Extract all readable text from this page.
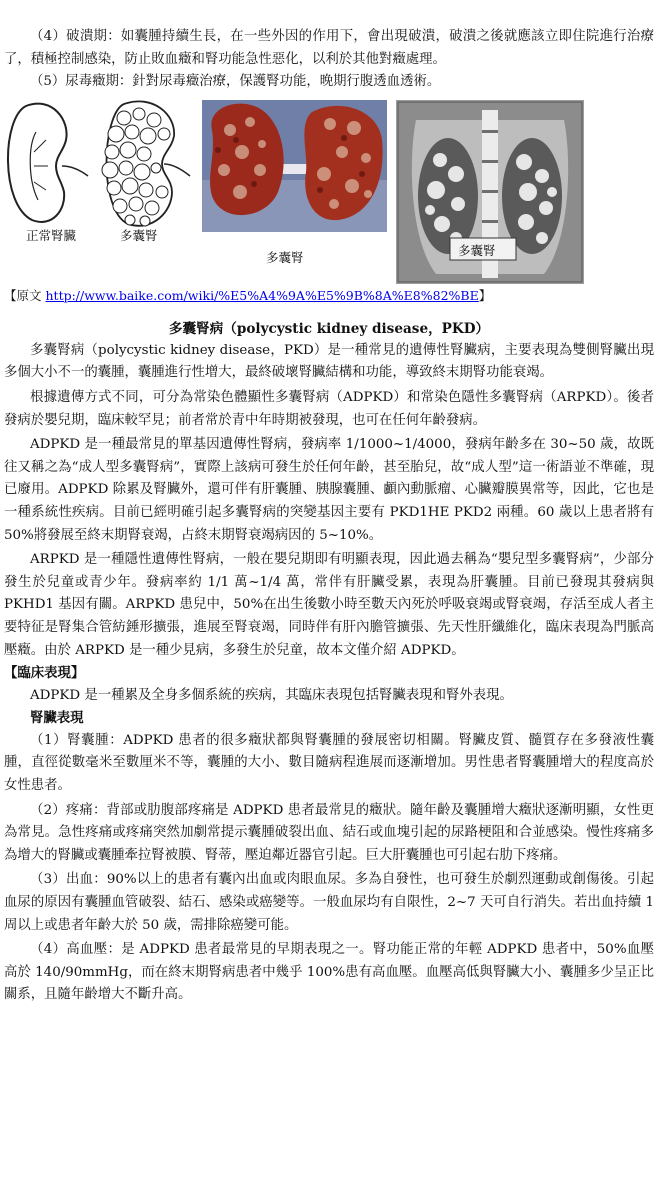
（4）破潰期：如囊腫持續生長，在一些外因的作用下，會出現破潰，破潰之後就應該立即住院進行治療了，積極控制感染，防止敗血癥和腎功能急性惡化，以利於其他對癥處理。

（5）尿毒癥期：針對尿毒癥治療，保護腎功能，晚期行腹透血透術。

正常腎臟	多囊腎
多囊腎	多囊腎

【原文 http://www.baike.com/wiki/%E5%A4%9A%E5%9B%8A%E8%82%BE】

多囊腎病（polycystic kidney disease，PKD）

多囊腎病（polycystic kidney disease，PKD）是一種常見的遺傳性腎臟病，主要表現為雙側腎臟出現多個大小不一的囊腫，囊腫進行性增大，最終破壞腎臟結構和功能，導致終末期腎功能衰竭。

根據遺傳方式不同，可分為常染色體顯性多囊腎病（ADPKD）和常染色隱性多囊腎病（ARPKD）。後者發病於嬰兒期，臨床較罕見；前者常於青中年時期被發現，也可在任何年齡發病。

ADPKD 是一種最常見的單基因遺傳性腎病，發病率 1/1000~1/4000，發病年齡多在 30~50 歲，故既往又稱之為“成人型多囊腎病”，實際上該病可發生於任何年齡，甚至胎兒，故“成人型”這一術語並不準確，現已廢用。ADPKD 除累及腎臟外，還可伴有肝囊腫、胰腺囊腫、顱內動脈瘤、心臟瓣膜異常等，因此，它也是一種系統性疾病。目前已經明確引起多囊腎病的突變基因主要有 PKD1HE PKD2 兩種。60 歲以上患者將有 50%將發展至終末期腎衰竭，占終末期腎衰竭病因的 5~10%。

ARPKD 是一種隱性遺傳性腎病，一般在嬰兒期即有明顯表現，因此過去稱為“嬰兒型多囊腎病”，少部分發生於兒童或青少年。發病率約 1/1 萬~1/4 萬，常伴有肝臟受累，表現為肝囊腫。目前已發現其發病與 PKHD1 基因有關。ARPKD 患兒中，50%在出生後數小時至數天內死於呼吸衰竭或腎衰竭，存活至成人者主要特征是腎集合管紡錘形擴張，進展至腎衰竭，同時伴有肝內膽管擴張、先天性肝纖維化，臨床表現為門脈高壓癥。由於 ARPKD 是一種少見病，多發生於兒童，故本文僅介紹 ADPKD。

【臨床表現】

ADPKD 是一種累及全身多個系統的疾病，其臨床表現包括腎臟表現和腎外表現。

腎臟表現

（1）腎囊腫：ADPKD 患者的很多癥狀都與腎囊腫的發展密切相關。腎臟皮質、髓質存在多發液性囊腫，直徑從數毫米至數厘米不等，囊腫的大小、數目隨病程進展而逐漸增加。男性患者腎囊腫增大的程度高於女性患者。

（2）疼痛：背部或肋腹部疼痛是 ADPKD 患者最常見的癥狀。隨年齡及囊腫增大癥狀逐漸明顯，女性更為常見。急性疼痛或疼痛突然加劇常提示囊腫破裂出血、結石或血塊引起的尿路梗阻和合並感染。慢性疼痛多為增大的腎臟或囊腫牽拉腎被膜、腎蒂，壓迫鄰近器官引起。巨大肝囊腫也可引起右肋下疼痛。

（3）出血：90%以上的患者有囊內出血或肉眼血尿。多為自發性，也可發生於劇烈運動或創傷後。引起血尿的原因有囊腫血管破裂、結石、感染或癌變等。一般血尿均有自限性，2~7 天可自行消失。若出血持續 1 周以上或患者年齡大於 50 歲，需排除癌變可能。

（4）高血壓：是 ADPKD 患者最常見的早期表現之一。腎功能正常的年輕 ADPKD 患者中，50%血壓高於 140/90mmHg，而在終末期腎病患者中幾乎 100%患有高血壓。血壓高低與腎臟大小、囊腫多少呈正比關系，且隨年齡增大不斷升高。
